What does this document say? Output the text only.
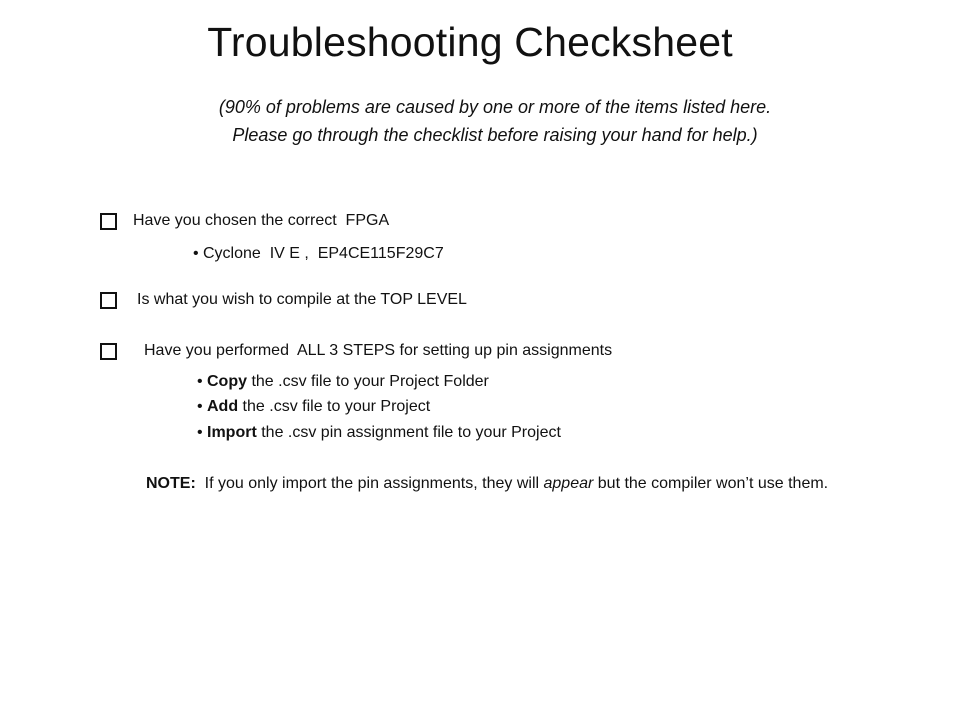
Troubleshooting Checksheet
(90% of problems are caused by one or more of the items listed here.
Please go through the checklist before raising your hand for help.)
Have you chosen the correct  FPGA
• Cyclone  IV E ,  EP4CE115F29C7
Is what you wish to compile at the TOP LEVEL
Have you performed  ALL 3 STEPS for setting up pin assignments
• Copy the .csv file to your Project Folder
• Add the .csv file to your Project
• Import the .csv pin assignment file to your Project
NOTE:  If you only import the pin assignments, they will appear but the compiler won’t use them.
